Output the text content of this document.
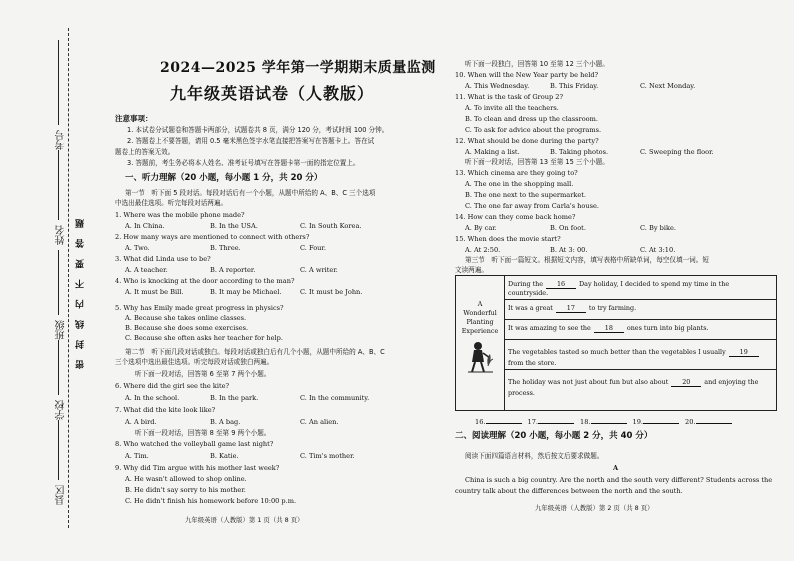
考号
姓名
班级
学校
县区
密 封 线 内 不 要 答 题
2024—2025 学年第一学期期末质量监测
九年级英语试卷（人教版）
注意事项：
1. 本试卷分试题卷和答题卡两部分，试题卷共 8 页，满分 120 分，考试时间 100 分钟。
2. 答题卷上不要答题，请用 0.5 毫米黑色签字水笔直接把答案写在答题卡上。答在试
题卷上的答案无效。
3. 答题前，考生务必将本人姓名、准考证号填写在答题卡第一面的指定位置上。
一、听力理解（20 小题，每小题 1 分，共 20 分）
第一节　听下面 5 段对话。每段对话后有一个小题，从题中所给的 A、B、C 三个选项
中选出最佳选项。听完每段对话两遍。
1. Where was the mobile phone made?
A. In China.	B. In the USA.	C. In South Korea.
2. How many ways are mentioned to connect with others?
A. Two.	B. Three.	C. Four.
3. What did Linda use to be?
A. A teacher.	B. A reporter.	C. A writer.
4. Who is knocking at the door according to the man?
A. It must be Bill.	B. It may be Michael.	C. It must be John.
5. Why has Emily made great progress in physics?
A. Because she takes online classes.
B. Because she does some exercises.
C. Because she often asks her teacher for help.
第二节　听下面几段对话或独白。每段对话或独白后有几个小题，从题中所给的 A、B、C
三个选项中选出最佳选项。听完每段对话或独白两遍。
听下面一段对话，回答第 6 至第 7 两个小题。
6. Where did the girl see the kite?
A. In the school.	B. In the park.	C. In the community.
7. What did the kite look like?
A. A bird.	B. A bag.	C. An alien.
听下面一段对话，回答第 8 至第 9 两个小题。
8. Who watched the volleyball game last night?
A. Tim.	B. Katie.	C. Tim's mother.
9. Why did Tim argue with his mother last week?
A. He wasn't allowed to shop online.
B. He didn't say sorry to his mother.
C. He didn't finish his homework before 10:00 p.m.
九年级英语（人教版）第 1 页（共 8 页）
听下面一段独白，回答第 10 至第 12 三个小题。
10. When will the New Year party be held?
A. This Wednesday.	B. This Friday.	C. Next Monday.
11. What is the task of Group 2?
A. To invite all the teachers.
B. To clean and dress up the classroom.
C. To ask for advice about the programs.
12. What should be done during the party?
A. Making a list.	B. Taking photos.	C. Sweeping the floor.
听下面一段对话，回答第 13 至第 15 三个小题。
13. Which cinema are they going to?
A. The one in the shopping mall.
B. The one next to the supermarket.
C. The one far away from Carla's house.
14. How can they come back home?
A. By car.	B. On foot.	C. By bike.
15. When does the movie start?
A. At 2:50.	B. At 3: 00.	C. At 3:10.
第三节　听下面一篇短文。根据短文内容，填写表格中所缺单词，每空仅填一词。短
文读两遍。
A
Wonderful
Planting
Experience
During the 16 Day holiday, I decided to spend my time in the
countryside.
It was a great 17 to try farming.
It was amazing to see the 18 ones turn into big plants.
The vegetables tasted so much better than the vegetables I usually 19
from the store.
The holiday was not just about fun but also about 20 and enjoying the
process.
16.	17.	18.	19.	20.
二、阅读理解（20 小题，每小题 2 分，共 40 分）
阅读下面四篇语言材料，然后按文后要求做题。
A
China is such a big country. Are the north and the south very different? Students across the
country talk about the differences between the north and the south.
九年级英语（人教版）第 2 页（共 8 页）
